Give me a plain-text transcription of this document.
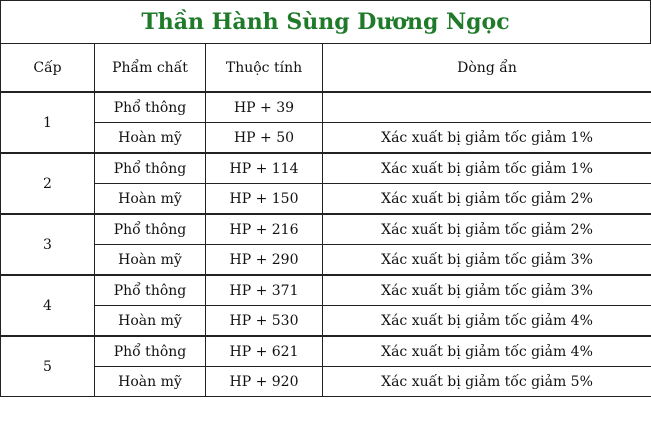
Thần Hành Sùng Dương Ngọc
Cấp	Phẩm chất	Thuộc tính	Dòng ẩn
1	Phổ thông	HP + 39	
	Hoàn mỹ	HP + 50	Xác xuất bị giảm tốc giảm 1%
2	Phổ thông	HP + 114	Xác xuất bị giảm tốc giảm 1%
	Hoàn mỹ	HP + 150	Xác xuất bị giảm tốc giảm 2%
3	Phổ thông	HP + 216	Xác xuất bị giảm tốc giảm 2%
	Hoàn mỹ	HP + 290	Xác xuất bị giảm tốc giảm 3%
4	Phổ thông	HP + 371	Xác xuất bị giảm tốc giảm 3%
	Hoàn mỹ	HP + 530	Xác xuất bị giảm tốc giảm 4%
5	Phổ thông	HP + 621	Xác xuất bị giảm tốc giảm 4%
	Hoàn mỹ	HP + 920	Xác xuất bị giảm tốc giảm 5%
